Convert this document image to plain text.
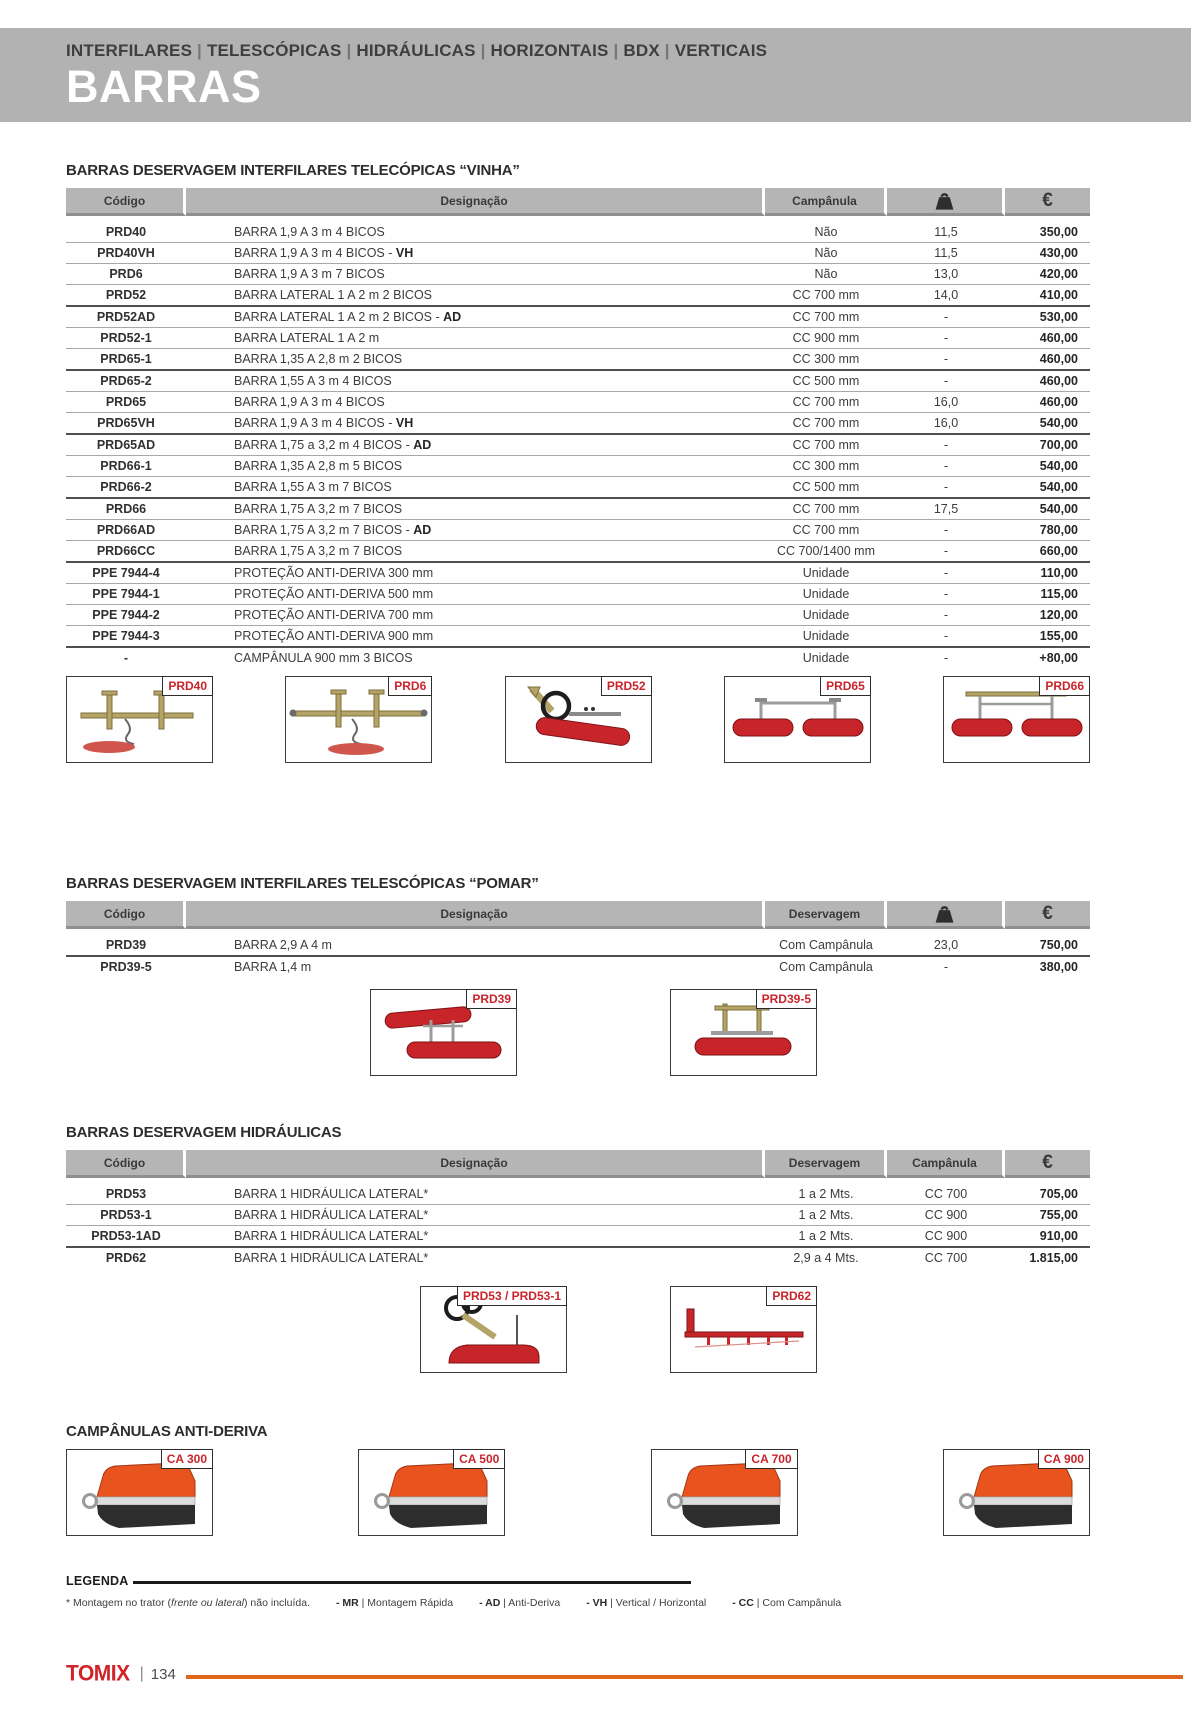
INTERFILARES | TELESCÓPICAS | HIDRÁULICAS | HORIZONTAIS | BDX | VERTICAIS
BARRAS
BARRAS DESERVAGEM INTERFILARES TELECÓPICAS “VINHA”
Código	Designação	Campânula	€
PRD40	BARRA 1,9 A 3 m 4 BICOS	Não	11,5	350,00
PRD40VH	BARRA 1,9 A 3 m 4 BICOS - VH	Não	11,5	430,00
PRD6	BARRA 1,9 A 3 m 7 BICOS	Não	13,0	420,00
PRD52	BARRA LATERAL 1 A 2 m 2 BICOS	CC 700 mm	14,0	410,00
PRD52AD	BARRA LATERAL 1 A 2 m 2 BICOS - AD	CC 700 mm	-	530,00
PRD52-1	BARRA LATERAL 1 A 2 m	CC 900 mm	-	460,00
PRD65-1	BARRA 1,35 A 2,8 m 2 BICOS	CC 300 mm	-	460,00
PRD65-2	BARRA 1,55 A 3 m 4 BICOS	CC 500 mm	-	460,00
PRD65	BARRA 1,9 A 3 m 4 BICOS	CC 700 mm	16,0	460,00
PRD65VH	BARRA 1,9 A 3 m 4 BICOS - VH	CC 700 mm	16,0	540,00
PRD65AD	BARRA 1,75 a 3,2 m 4 BICOS - AD	CC 700 mm	-	700,00
PRD66-1	BARRA 1,35 A 2,8 m 5 BICOS	CC 300 mm	-	540,00
PRD66-2	BARRA 1,55 A 3 m 7 BICOS	CC 500 mm	-	540,00
PRD66	BARRA 1,75 A 3,2 m 7 BICOS	CC 700 mm	17,5	540,00
PRD66AD	BARRA 1,75 A 3,2 m 7 BICOS - AD	CC 700 mm	-	780,00
PRD66CC	BARRA 1,75 A 3,2 m 7 BICOS	CC 700/1400 mm	-	660,00
PPE 7944-4	PROTEÇÃO ANTI-DERIVA 300 mm	Unidade	-	110,00
PPE 7944-1	PROTEÇÃO ANTI-DERIVA 500 mm	Unidade	-	115,00
PPE 7944-2	PROTEÇÃO ANTI-DERIVA 700 mm	Unidade	-	120,00
PPE 7944-3	PROTEÇÃO ANTI-DERIVA 900 mm	Unidade	-	155,00
-	CAMPÂNULA 900 mm 3 BICOS	Unidade	-	+80,00
PRD40	PRD6	PRD52	PRD65	PRD66
BARRAS DESERVAGEM INTERFILARES TELESCÓPICAS “POMAR”
Código	Designação	Deservagem	€
PRD39	BARRA 2,9 A 4 m	Com Campânula	23,0	750,00
PRD39-5	BARRA 1,4 m	Com Campânula	-	380,00
PRD39	PRD39-5
BARRAS DESERVAGEM HIDRÁULICAS
Código	Designação	Deservagem	Campânula	€
PRD53	BARRA 1 HIDRÁULICA LATERAL*	1 a 2 Mts.	CC 700	705,00
PRD53-1	BARRA 1 HIDRÁULICA LATERAL*	1 a 2 Mts.	CC 900	755,00
PRD53-1AD	BARRA 1 HIDRÁULICA LATERAL*	1 a 2 Mts.	CC 900	910,00
PRD62	BARRA 1 HIDRÁULICA LATERAL*	2,9 a 4 Mts.	CC 700	1.815,00
PRD53 / PRD53-1	PRD62
CAMPÂNULAS ANTI-DERIVA
CA 300	CA 500	CA 700	CA 900
LEGENDA
* Montagem no trator (frente ou lateral) não incluída. - MR | Montagem Rápida - AD | Anti-Deriva - VH | Vertical / Horizontal - CC | Com Campânula
TOMIX | 134
